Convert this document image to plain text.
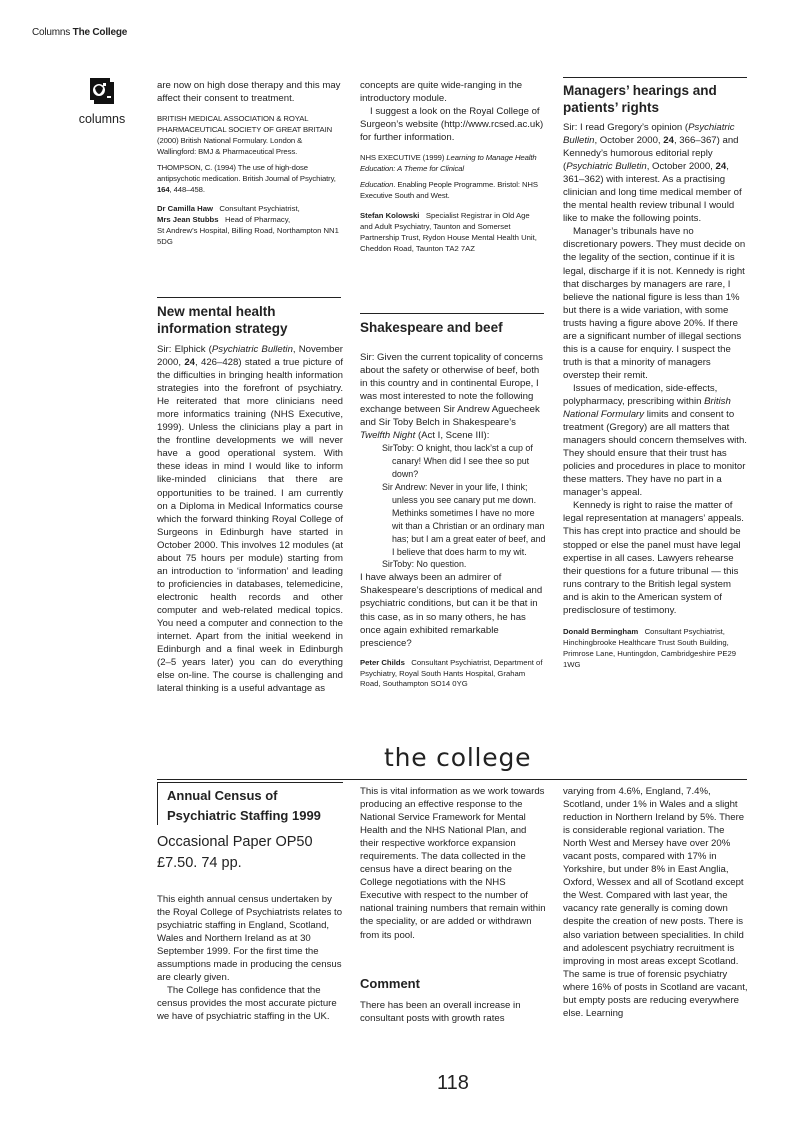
Columns The College
columns

are now on high dose therapy and this may affect their consent to treatment.

BRITISH MEDICAL ASSOCIATION & ROYAL PHARMACEUTICAL SOCIETY OF GREAT BRITAIN (2000) British National Formulary. London & Wallingford: BMJ & Pharmaceutical Press.

THOMPSON, C. (1994) The use of high-dose antipsychotic medication. British Journal of Psychiatry, 164, 448–458.

Dr Camilla Haw Consultant Psychiatrist,
Mrs Jean Stubbs Head of Pharmacy,
St Andrew’s Hospital, Billing Road, Northampton NN1 5DG

New mental health information strategy

Sir: Elphick (Psychiatric Bulletin, November 2000, 24, 426–428) stated a true picture of the difficulties in bringing health information strategies into the forefront of psychiatry. He reiterated that more clinicians need more informatics training (NHS Executive, 1999). Unless the clinicians play a part in the frontline developments we will never have a good operational system. With these ideas in mind I would like to inform like-minded clinicians that there are opportunities to be trained. I am currently on a Diploma in Medical Informatics course which the forward thinking Royal College of Surgeons in Edinburgh have started in October 2000. This involves 12 modules (at about 75 hours per module) starting from an introduction to ‘information’ and leading to proficiencies in databases, telemedicine, electronic health records and other computer and web-related medical topics. You need a computer and connection to the internet. Apart from the initial weekend in Edinburgh and a final week in Edinburgh (2–5 years later) you can do everything else on-line. The course is challenging and lateral thinking is a useful advantage as

concepts are quite wide-ranging in the introductory module.

I suggest a look on the Royal College of Surgeon’s website (http://www.rcsed.ac.uk) for further information.

NHS EXECUTIVE (1999) Learning to Manage Health Education: A Theme for Clinical

Education. Enabling People Programme. Bristol: NHS Executive South and West.

Stefan Kolowski Specialist Registrar in Old Age and Adult Psychiatry, Taunton and Somerset Partnership Trust, Rydon House Mental Health Unit, Cheddon Road, Taunton TA2 7AZ

Shakespeare and beef

Sir: Given the current topicality of concerns about the safety or otherwise of beef, both in this country and in continental Europe, I was most interested to note the following exchange between Sir Andrew Aguecheek and Sir Toby Belch in Shakespeare’s Twelfth Night (Act I, Scene III):

SirToby: O knight, thou lack’st a cup of canary! When did I see thee so put down?

Sir Andrew: Never in your life, I think; unless you see canary put me down. Methinks sometimes I have no more wit than a Christian or an ordinary man has; but I am a great eater of beef, and I believe that does harm to my wit.

SirToby: No question.

I have always been an admirer of Shakespeare’s descriptions of medical and psychiatric conditions, but can it be that in this case, as in so many others, he has once again exhibited remarkable prescience?

Peter Childs Consultant Psychiatrist, Department of Psychiatry, Royal South Hants Hospital, Graham Road, Southampton SO14 0YG

Managers’ hearings and patients’ rights

Sir: I read Gregory’s opinion (Psychiatric Bulletin, October 2000, 24, 366–367) and Kennedy’s humorous editorial reply (Psychiatric Bulletin, October 2000, 24, 361–362) with interest. As a practising clinician and long time medical member of the mental health review tribunal I would like to make the following points.

Manager’s tribunals have no discretionary powers. They must decide on the legality of the section, continue if it is legal, discharge if it is not. Kennedy is right that discharges by managers are rare, I believe the national figure is less than 1% but there is a wide variation, with some trusts having a figure above 20%. If there are a significant number of illegal sections this is a cause for enquiry. I suspect the truth is that a minority of managers overstep their remit.

Issues of medication, side-effects, polypharmacy, prescribing within British National Formulary limits and consent to treatment (Gregory) are all matters that managers should concern themselves with. They should ensure that their trust has policies and procedures in place to monitor these matters. They have no part in a manager’s appeal.

Kennedy is right to raise the matter of legal representation at managers’ appeals. This has crept into practice and should be stopped or else the panel must have legal expertise in all cases. Lawyers rehearse their questions for a future tribunal — this runs contrary to the British legal system and is akin to the American system of predisclosure of testimony.

Donald Bermingham Consultant Psychiatrist, Hinchingbrooke Healthcare Trust South Building, Primrose Lane, Huntingdon, Cambridgeshire PE29 1WG

the college
Annual Census of
Psychiatric Staffing 1999
Occasional Paper OP50
£7.50. 74 pp.

This eighth annual census undertaken by the Royal College of Psychiatrists relates to psychiatric staffing in England, Scotland, Wales and Northern Ireland as at 30 September 1999. For the first time the assumptions made in producing the census are clearly given.

The College has confidence that the census provides the most accurate picture we have of psychiatric staffing in the UK.

This is vital information as we work towards producing an effective response to the National Service Framework for Mental Health and the NHS National Plan, and their respective workforce expansion requirements. The data collected in the census have a direct bearing on the College negotiations with the NHS Executive with respect to the number of national training numbers that remain within the speciality, or are added or withdrawn from its pool.

Comment

There has been an overall increase in consultant posts with growth rates

varying from 4.6%, England, 7.4%, Scotland, under 1% in Wales and a slight reduction in Northern Ireland by 5%. There is considerable regional variation. The North West and Mersey have over 20% vacant posts, compared with 17% in Yorkshire, but under 8% in East Anglia, Oxford, Wessex and all of Scotland except the West. Compared with last year, the vacancy rate generally is coming down despite the creation of new posts. There is also variation between specialities. In child and adolescent psychiatry recruitment is improving in most areas except Scotland. The same is true of forensic psychiatry where 16% of posts in Scotland are vacant, but empty posts are reducing everywhere else. Learning

118
